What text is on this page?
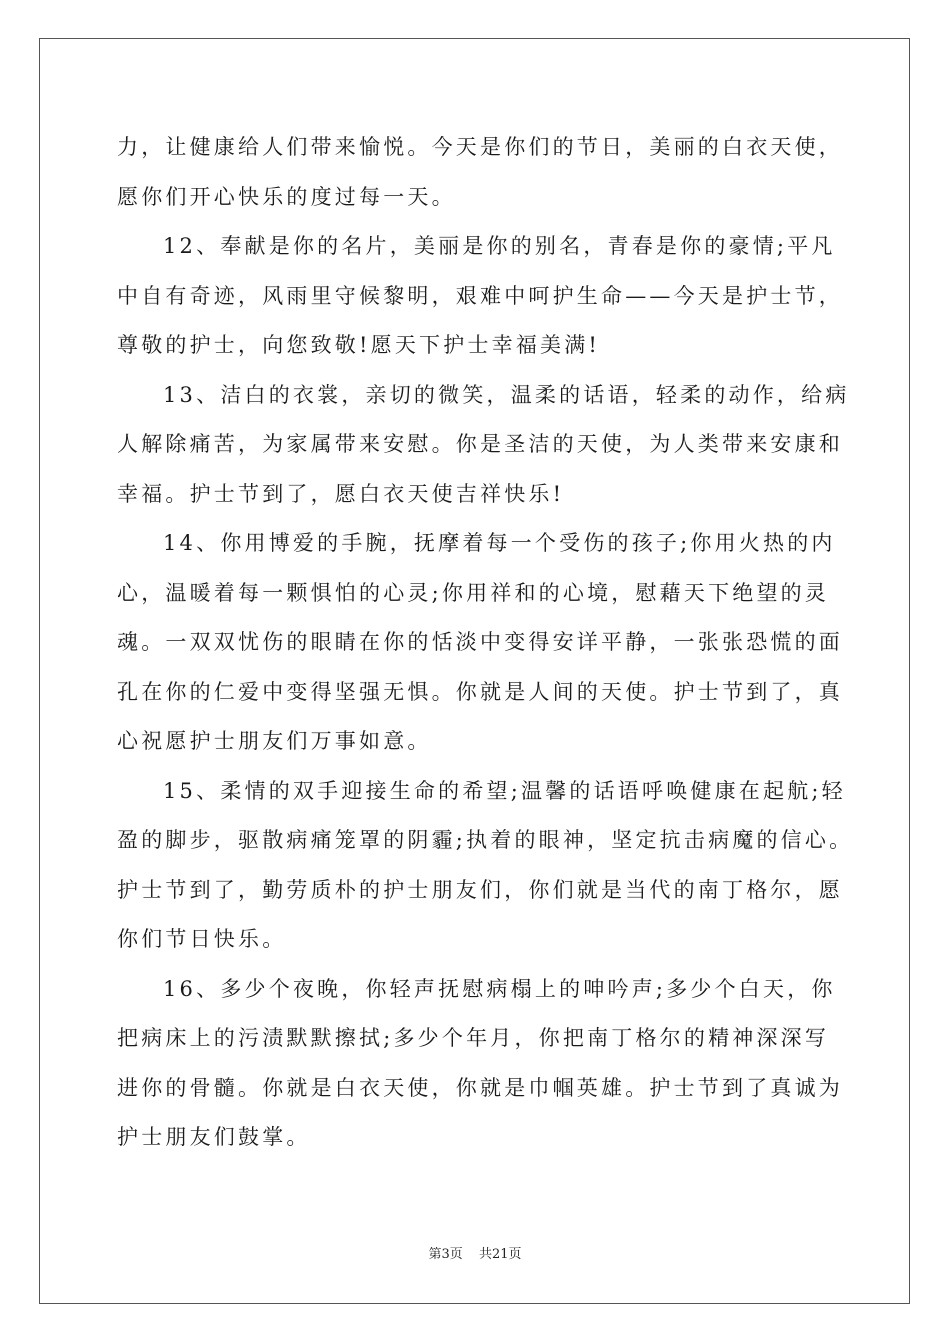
力，让健康给人们带来愉悦。今天是你们的节日，美丽的白衣天使，
愿你们开心快乐的度过每一天。
12、奉献是你的名片，美丽是你的别名，青春是你的豪情;平凡
中自有奇迹，风雨里守候黎明，艰难中呵护生命——今天是护士节，
尊敬的护士，向您致敬!愿天下护士幸福美满!
13、洁白的衣裳，亲切的微笑，温柔的话语，轻柔的动作，给病
人解除痛苦，为家属带来安慰。你是圣洁的天使，为人类带来安康和
幸福。护士节到了，愿白衣天使吉祥快乐!
14、你用博爱的手腕，抚摩着每一个受伤的孩子;你用火热的内
心，温暖着每一颗惧怕的心灵;你用祥和的心境，慰藉天下绝望的灵
魂。一双双忧伤的眼睛在你的恬淡中变得安详平静，一张张恐慌的面
孔在你的仁爱中变得坚强无惧。你就是人间的天使。护士节到了，真
心祝愿护士朋友们万事如意。
15、柔情的双手迎接生命的希望;温馨的话语呼唤健康在起航;轻
盈的脚步，驱散病痛笼罩的阴霾;执着的眼神，坚定抗击病魔的信心。
护士节到了，勤劳质朴的护士朋友们，你们就是当代的南丁格尔，愿
你们节日快乐。
16、多少个夜晚，你轻声抚慰病榻上的呻吟声;多少个白天，你
把病床上的污渍默默擦拭;多少个年月，你把南丁格尔的精神深深写
进你的骨髓。你就是白衣天使，你就是巾帼英雄。护士节到了真诚为
护士朋友们鼓掌。
第3页 共21页
